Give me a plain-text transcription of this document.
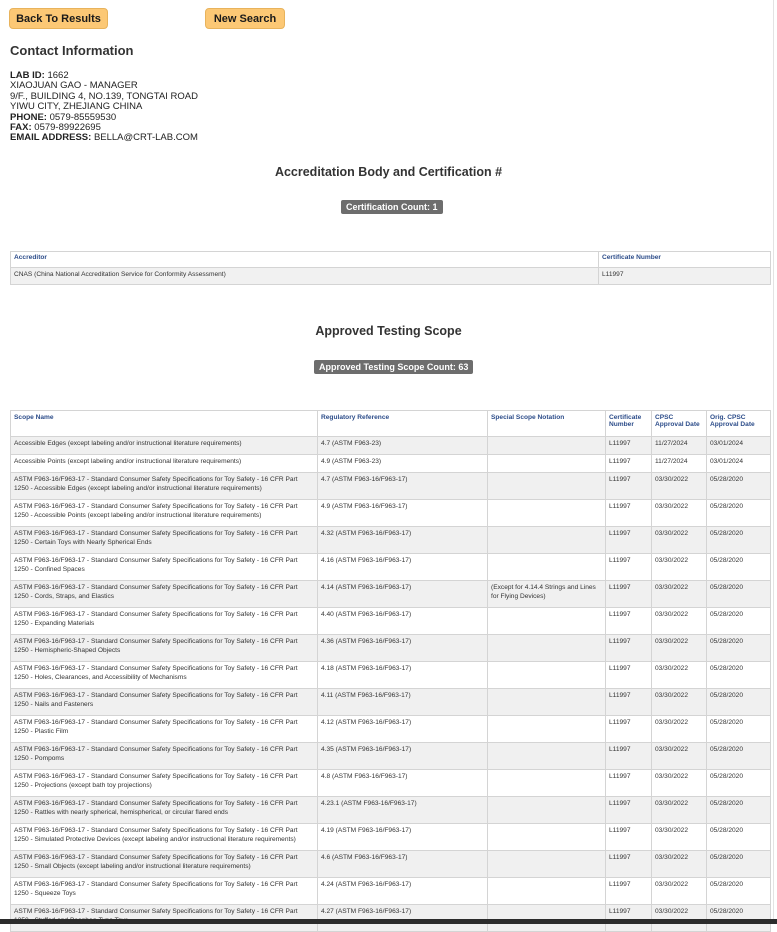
Back To Results	New Search
Contact Information
LAB ID: 1662
XIAOJUAN GAO - MANAGER
9/F., BUILDING 4, NO.139, TONGTAI ROAD
YIWU CITY, ZHEJIANG CHINA
PHONE: 0579-85559530
FAX: 0579-89922695
EMAIL ADDRESS: BELLA@CRT-LAB.COM
Accreditation Body and Certification #
Certification Count: 1
Accreditor	Certificate Number
CNAS (China National Accreditation Service for Conformity Assessment)	L11997
Approved Testing Scope
Approved Testing Scope Count: 63
Scope Name	Regulatory Reference	Special Scope Notation	Certificate Number	CPSC Approval Date	Orig. CPSC Approval Date
Accessible Edges (except labeling and/or instructional literature requirements)	4.7 (ASTM F963-23)		L11997	11/27/2024	03/01/2024
Accessible Points (except labeling and/or instructional literature requirements)	4.9 (ASTM F963-23)		L11997	11/27/2024	03/01/2024
ASTM F963-16/F963-17 - Standard Consumer Safety Specifications for Toy Safety - 16 CFR Part 1250 - Accessible Edges (except labeling and/or instructional literature requirements)	4.7 (ASTM F963-16/F963-17)		L11997	03/30/2022	05/28/2020
ASTM F963-16/F963-17 - Standard Consumer Safety Specifications for Toy Safety - 16 CFR Part 1250 - Accessible Points (except labeling and/or instructional literature requirements)	4.9 (ASTM F963-16/F963-17)		L11997	03/30/2022	05/28/2020
ASTM F963-16/F963-17 - Standard Consumer Safety Specifications for Toy Safety - 16 CFR Part 1250 - Certain Toys with Nearly Spherical Ends	4.32 (ASTM F963-16/F963-17)		L11997	03/30/2022	05/28/2020
ASTM F963-16/F963-17 - Standard Consumer Safety Specifications for Toy Safety - 16 CFR Part 1250 - Confined Spaces	4.16 (ASTM F963-16/F963-17)		L11997	03/30/2022	05/28/2020
ASTM F963-16/F963-17 - Standard Consumer Safety Specifications for Toy Safety - 16 CFR Part 1250 - Cords, Straps, and Elastics	4.14 (ASTM F963-16/F963-17)	(Except for 4.14.4 Strings and Lines for Flying Devices)	L11997	03/30/2022	05/28/2020
ASTM F963-16/F963-17 - Standard Consumer Safety Specifications for Toy Safety - 16 CFR Part 1250 - Expanding Materials	4.40 (ASTM F963-16/F963-17)		L11997	03/30/2022	05/28/2020
ASTM F963-16/F963-17 - Standard Consumer Safety Specifications for Toy Safety - 16 CFR Part 1250 - Hemispheric-Shaped Objects	4.36 (ASTM F963-16/F963-17)		L11997	03/30/2022	05/28/2020
ASTM F963-16/F963-17 - Standard Consumer Safety Specifications for Toy Safety - 16 CFR Part 1250 - Holes, Clearances, and Accessibility of Mechanisms	4.18 (ASTM F963-16/F963-17)		L11997	03/30/2022	05/28/2020
ASTM F963-16/F963-17 - Standard Consumer Safety Specifications for Toy Safety - 16 CFR Part 1250 - Nails and Fasteners	4.11 (ASTM F963-16/F963-17)		L11997	03/30/2022	05/28/2020
ASTM F963-16/F963-17 - Standard Consumer Safety Specifications for Toy Safety - 16 CFR Part 1250 - Plastic Film	4.12 (ASTM F963-16/F963-17)		L11997	03/30/2022	05/28/2020
ASTM F963-16/F963-17 - Standard Consumer Safety Specifications for Toy Safety - 16 CFR Part 1250 - Pompoms	4.35 (ASTM F963-16/F963-17)		L11997	03/30/2022	05/28/2020
ASTM F963-16/F963-17 - Standard Consumer Safety Specifications for Toy Safety - 16 CFR Part 1250 - Projections (except bath toy projections)	4.8 (ASTM F963-16/F963-17)		L11997	03/30/2022	05/28/2020
ASTM F963-16/F963-17 - Standard Consumer Safety Specifications for Toy Safety - 16 CFR Part 1250 - Rattles with nearly spherical, hemispherical, or circular flared ends	4.23.1 (ASTM F963-16/F963-17)		L11997	03/30/2022	05/28/2020
ASTM F963-16/F963-17 - Standard Consumer Safety Specifications for Toy Safety - 16 CFR Part 1250 - Simulated Protective Devices (except labeling and/or instructional literature requirements)	4.19 (ASTM F963-16/F963-17)		L11997	03/30/2022	05/28/2020
ASTM F963-16/F963-17 - Standard Consumer Safety Specifications for Toy Safety - 16 CFR Part 1250 - Small Objects (except labeling and/or instructional literature requirements)	4.6 (ASTM F963-16/F963-17)		L11997	03/30/2022	05/28/2020
ASTM F963-16/F963-17 - Standard Consumer Safety Specifications for Toy Safety - 16 CFR Part 1250 - Squeeze Toys	4.24 (ASTM F963-16/F963-17)		L11997	03/30/2022	05/28/2020
ASTM F963-16/F963-17 - Standard Consumer Safety Specifications for Toy Safety - 16 CFR Part	4.27 (ASTM F963-16/F963-17)		L11997	03/30/2022	05/28/2020
